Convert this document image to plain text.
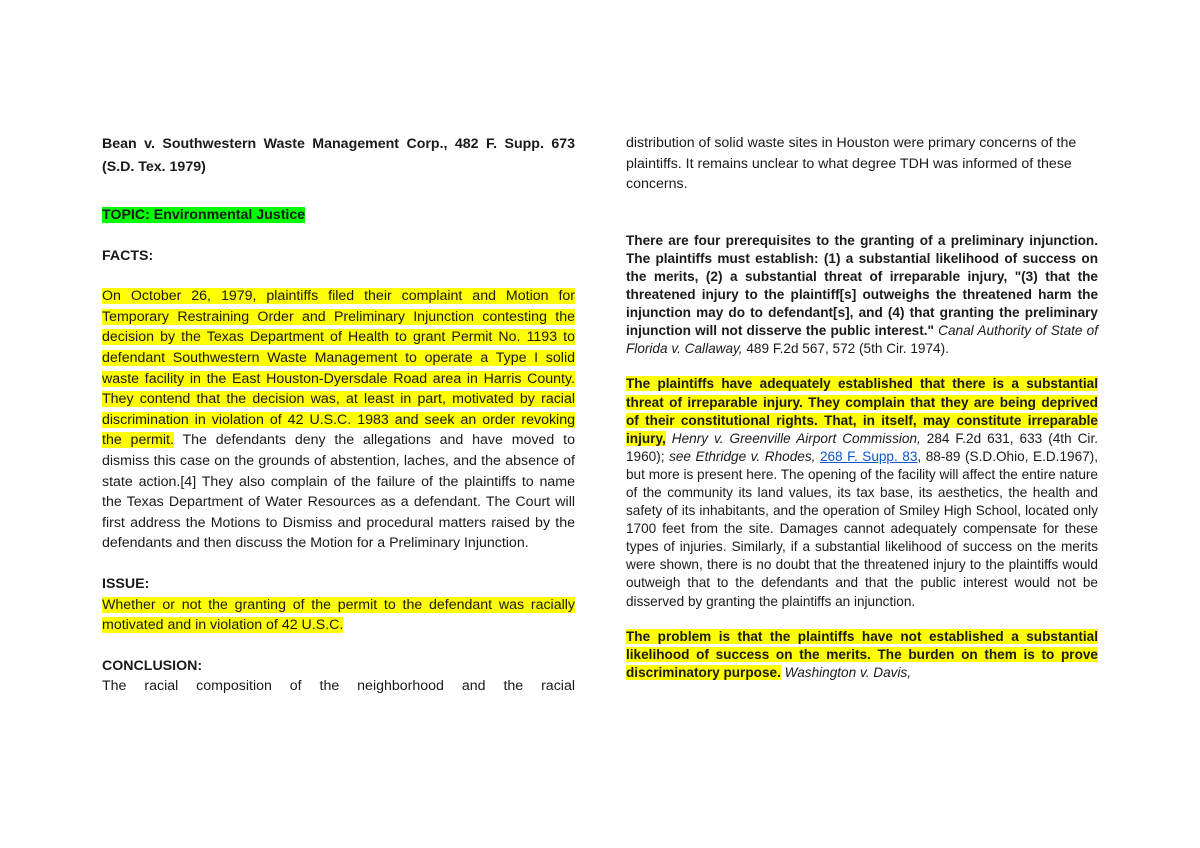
Bean v. Southwestern Waste Management Corp., 482 F. Supp. 673 (S.D. Tex. 1979)

TOPIC: Environmental Justice

FACTS:

On October 26, 1979, plaintiffs filed their complaint and Motion for Temporary Restraining Order and Preliminary Injunction contesting the decision by the Texas Department of Health to grant Permit No. 1193 to defendant Southwestern Waste Management to operate a Type I solid waste facility in the East Houston-Dyersdale Road area in Harris County. They contend that the decision was, at least in part, motivated by racial discrimination in violation of 42 U.S.C. 1983 and seek an order revoking the permit. The defendants deny the allegations and have moved to dismiss this case on the grounds of abstention, laches, and the absence of state action.[4] They also complain of the failure of the plaintiffs to name the Texas Department of Water Resources as a defendant. The Court will first address the Motions to Dismiss and procedural matters raised by the defendants and then discuss the Motion for a Preliminary Injunction.

ISSUE:

Whether or not the granting of the permit to the defendant was racially motivated and in violation of 42 U.S.C.

CONCLUSION:

The racial composition of the neighborhood and the racial

distribution of solid waste sites in Houston were primary concerns of the plaintiffs. It remains unclear to what degree TDH was informed of these concerns.

There are four prerequisites to the granting of a preliminary injunction. The plaintiffs must establish: (1) a substantial likelihood of success on the merits, (2) a substantial threat of irreparable injury, "(3) that the threatened injury to the plaintiff[s] outweighs the threatened harm the injunction may do to defendant[s], and (4) that granting the preliminary injunction will not disserve the public interest." Canal Authority of State of Florida v. Callaway, 489 F.2d 567, 572 (5th Cir. 1974).

The plaintiffs have adequately established that there is a substantial threat of irreparable injury. They complain that they are being deprived of their constitutional rights. That, in itself, may constitute irreparable injury, Henry v. Greenville Airport Commission, 284 F.2d 631, 633 (4th Cir. 1960); see Ethridge v. Rhodes, 268 F. Supp. 83, 88-89 (S.D.Ohio, E.D.1967), but more is present here. The opening of the facility will affect the entire nature of the community its land values, its tax base, its aesthetics, the health and safety of its inhabitants, and the operation of Smiley High School, located only 1700 feet from the site. Damages cannot adequately compensate for these types of injuries. Similarly, if a substantial likelihood of success on the merits were shown, there is no doubt that the threatened injury to the plaintiffs would outweigh that to the defendants and that the public interest would not be disserved by granting the plaintiffs an injunction.

The problem is that the plaintiffs have not established a substantial likelihood of success on the merits. The burden on them is to prove discriminatory purpose. Washington v. Davis,
